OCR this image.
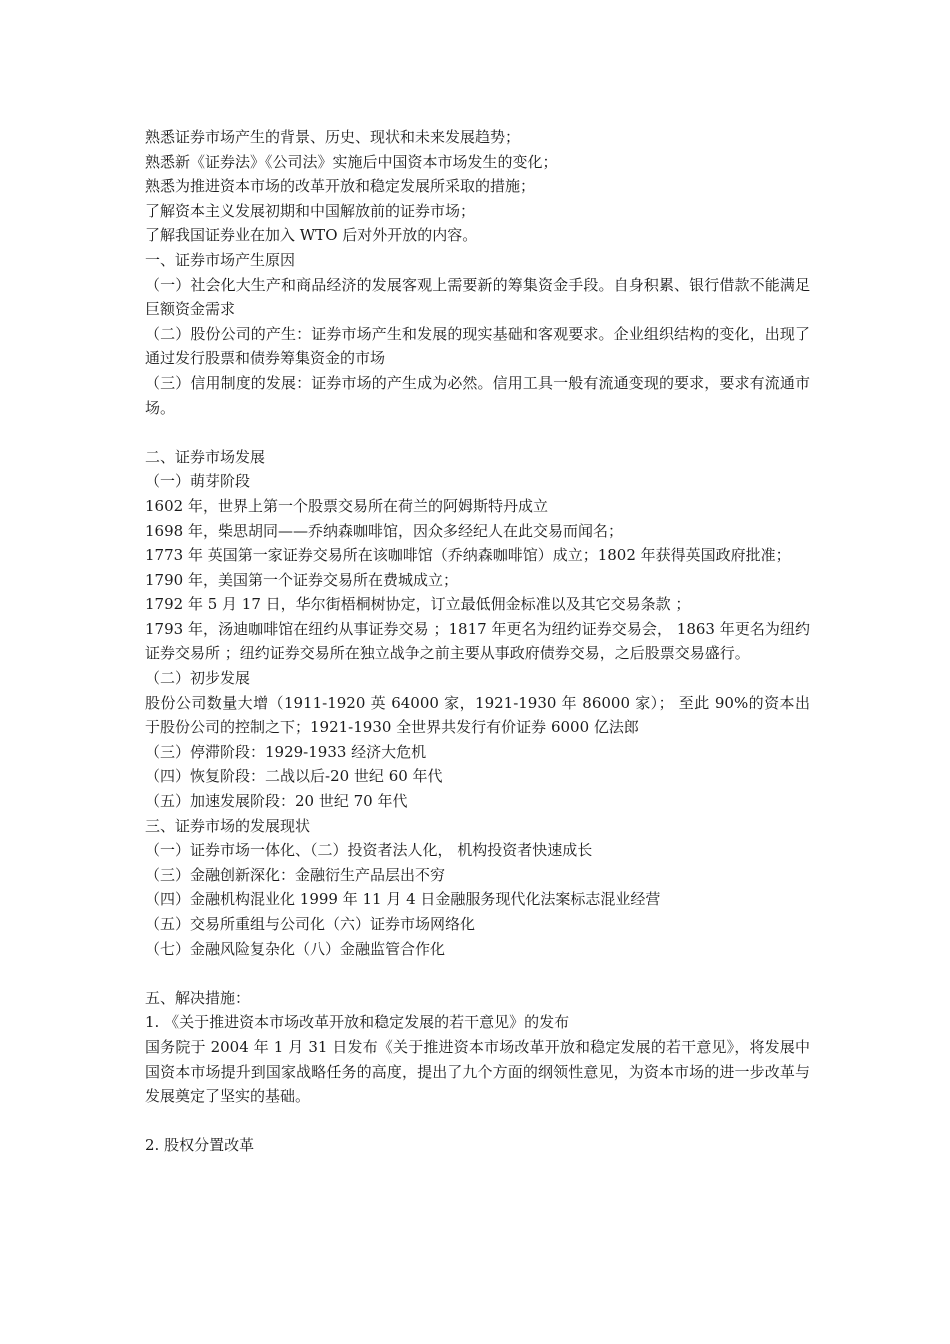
熟悉证券市场产生的背景、历史、现状和未来发展趋势；

熟悉新《证券法》《公司法》实施后中国资本市场发生的变化；

熟悉为推进资本市场的改革开放和稳定发展所采取的措施；

了解资本主义发展初期和中国解放前的证券市场；

了解我国证券业在加入 WTO 后对外开放的内容。

一、证券市场产生原因

（一）社会化大生产和商品经济的发展客观上需要新的筹集资金手段。自身积累、银行借款不能满足巨额资金需求

（二）股份公司的产生：证券市场产生和发展的现实基础和客观要求。企业组织结构的变化，出现了通过发行股票和债券筹集资金的市场

（三）信用制度的发展：证券市场的产生成为必然。信用工具一般有流通变现的要求，要求有流通市场。

二、证券市场发展

（一）萌芽阶段

1602 年，世界上第一个股票交易所在荷兰的阿姆斯特丹成立

1698 年，柴思胡同——乔纳森咖啡馆，因众多经纪人在此交易而闻名；

1773 年 英国第一家证券交易所在该咖啡馆（乔纳森咖啡馆）成立；1802 年获得英国政府批准；

1790 年，美国第一个证券交易所在费城成立；

1792 年 5 月 17 日，华尔街梧桐树协定，订立最低佣金标准以及其它交易条款 ；

1793 年，汤迪咖啡馆在纽约从事证券交易 ；1817 年更名为纽约证券交易会， 1863 年更名为纽约证券交易所 ；纽约证券交易所在独立战争之前主要从事政府债券交易，之后股票交易盛行。

（二）初步发展

股份公司数量大增（1911-1920 英 64000 家，1921-1930 年 86000 家）； 至此 90%的资本出于股份公司的控制之下；1921-1930 全世界共发行有价证券 6000 亿法郎

（三）停滞阶段：1929-1933 经济大危机

（四）恢复阶段：二战以后-20 世纪 60 年代

（五）加速发展阶段：20 世纪 70 年代

三、证券市场的发展现状

（一）证券市场一体化、（二）投资者法人化， 机构投资者快速成长

（三）金融创新深化：金融衍生产品层出不穷

（四）金融机构混业化 1999 年 11 月 4 日金融服务现代化法案标志混业经营

（五）交易所重组与公司化（六）证券市场网络化

（七）金融风险复杂化（八）金融监管合作化

五、解决措施：

1. 《关于推进资本市场改革开放和稳定发展的若干意见》的发布

国务院于 2004 年 1 月 31 日发布《关于推进资本市场改革开放和稳定发展的若干意见》，将发展中国资本市场提升到国家战略任务的高度，提出了九个方面的纲领性意见，为资本市场的进一步改革与发展奠定了坚实的基础。

2. 股权分置改革
